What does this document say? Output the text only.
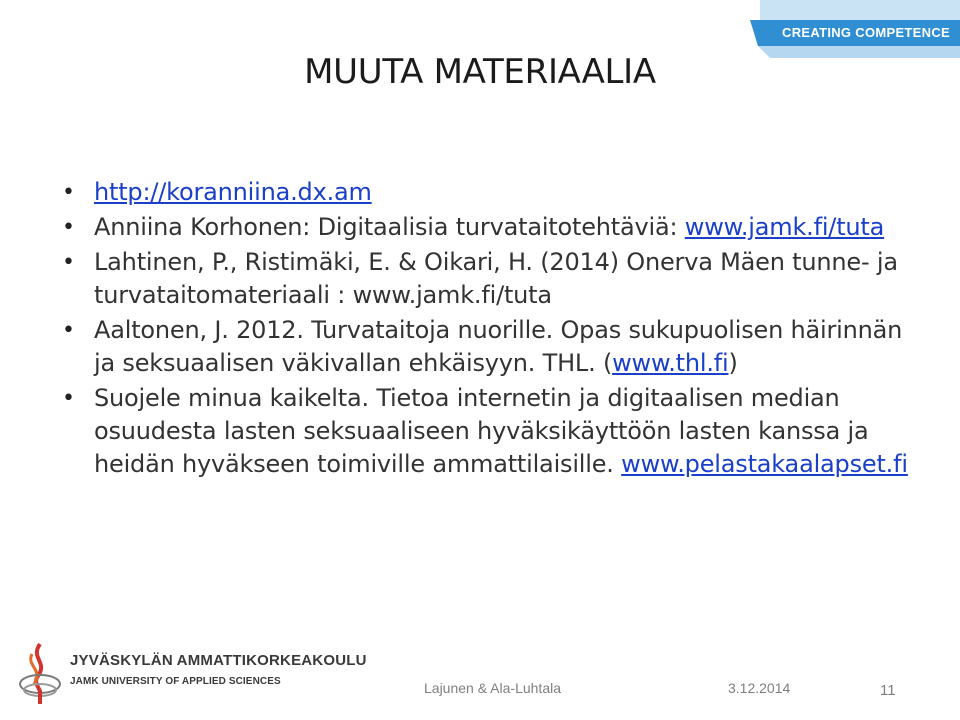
CREATING COMPETENCE
MUUTA MATERIAALIA
• http://koranniina.dx.am
• Anniina Korhonen: Digitaalisia turvataitotehtäviä: www.jamk.fi/tuta
• Lahtinen, P., Ristimäki, E. & Oikari, H. (2014) Onerva Mäen tunne- ja turvataitomateriaali : www.jamk.fi/tuta
• Aaltonen, J. 2012. Turvataitoja nuorille. Opas sukupuolisen häirinnän ja seksuaalisen väkivallan ehkäisyyn. THL. (www.thl.fi)
• Suojele minua kaikelta. Tietoa internetin ja digitaalisen median osuudesta lasten seksuaaliseen hyväksikäyttöön lasten kanssa ja heidän hyväkseen toimiville ammattilaisille. www.pelastakaalapset.fi
JYVÄSKYLÄN AMMATTIKORKEAKOULU
JAMK UNIVERSITY OF APPLIED SCIENCES	Lajunen & Ala-Luhtala	3.12.2014	11
